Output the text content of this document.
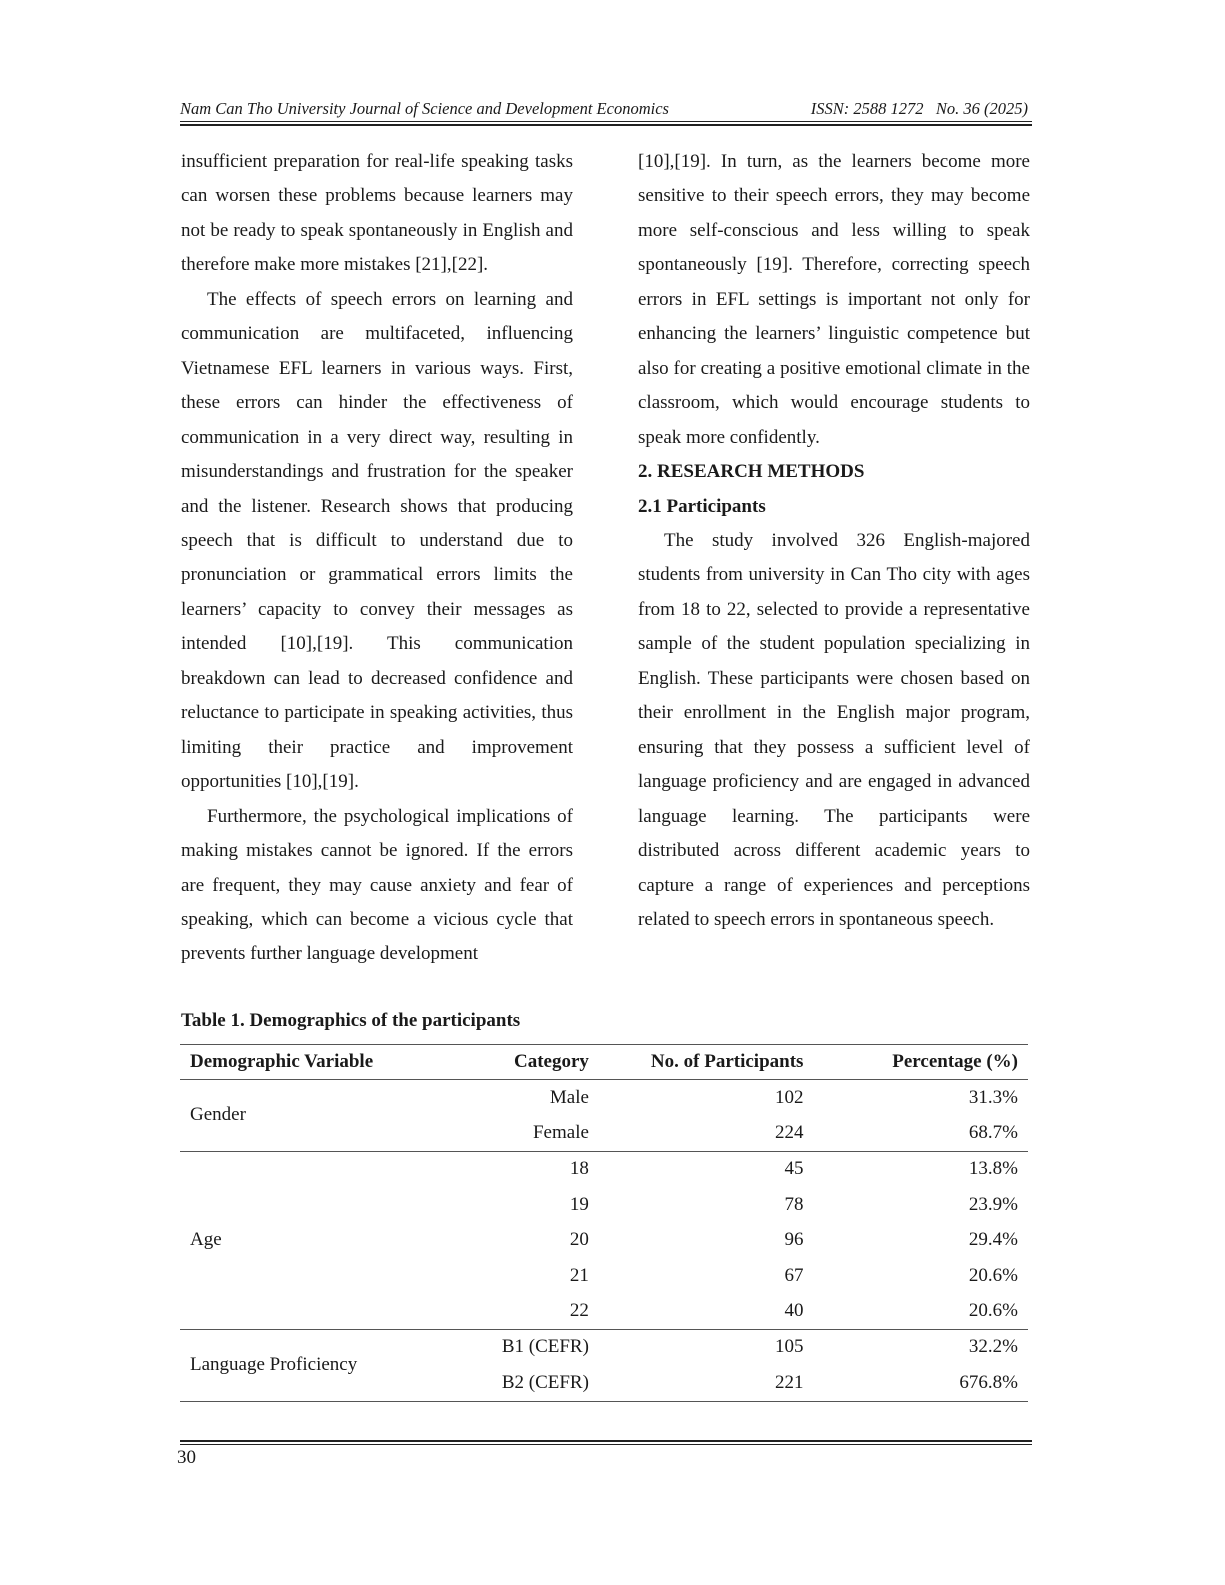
Nam Can Tho University Journal of Science and Development Economics	ISSN: 2588 1272   No. 36 (2025)

insufficient preparation for real-life speaking tasks can worsen these problems because learners may not be ready to speak spontaneously in English and therefore make more mistakes [21],[22].

The effects of speech errors on learning and communication are multifaceted, influencing Vietnamese EFL learners in various ways. First, these errors can hinder the effectiveness of communication in a very direct way, resulting in misunderstandings and frustration for the speaker and the listener. Research shows that producing speech that is difficult to understand due to pronunciation or grammatical errors limits the learners’ capacity to convey their messages as intended [10],[19]. This communication breakdown can lead to decreased confidence and reluctance to participate in speaking activities, thus limiting their practice and improvement opportunities [10],[19].

Furthermore, the psychological implications of making mistakes cannot be ignored. If the errors are frequent, they may cause anxiety and fear of speaking, which can become a vicious cycle that prevents further language development

[10],[19]. In turn, as the learners become more sensitive to their speech errors, they may become more self-conscious and less willing to speak spontaneously [19]. Therefore, correcting speech errors in EFL settings is important not only for enhancing the learners’ linguistic competence but also for creating a positive emotional climate in the classroom, which would encourage students to speak more confidently.

2. RESEARCH METHODS
2.1 Participants

The study involved 326 English-majored students from university in Can Tho city with ages from 18 to 22, selected to provide a representative sample of the student population specializing in English. These participants were chosen based on their enrollment in the English major program, ensuring that they possess a sufficient level of language proficiency and are engaged in advanced language learning. The participants were distributed across different academic years to capture a range of experiences and perceptions related to speech errors in spontaneous speech.

Table 1. Demographics of the participants
Demographic Variable	Category	No. of Participants	Percentage (%)
Gender	Male	102	31.3%
	Female	224	68.7%
Age	18	45	13.8%
	19	78	23.9%
	20	96	29.4%
	21	67	20.6%
	22	40	20.6%
Language Proficiency	B1 (CEFR)	105	32.2%
	B2 (CEFR)	221	676.8%
30
